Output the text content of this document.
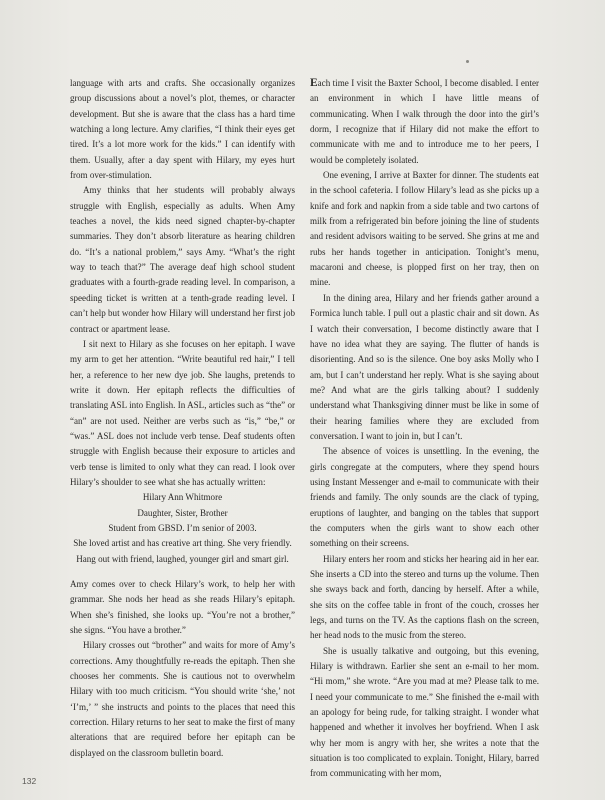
language with arts and crafts. She occasionally organizes group discussions about a novel’s plot, themes, or character development. But she is aware that the class has a hard time watching a long lecture. Amy clarifies, “I think their eyes get tired. It’s a lot more work for the kids.” I can identify with them. Usually, after a day spent with Hilary, my eyes hurt from over-stimulation.

Amy thinks that her students will probably always struggle with English, especially as adults. When Amy teaches a novel, the kids need signed chapter-by-chapter summaries. They don’t absorb literature as hearing children do. “It’s a national problem,” says Amy. “What’s the right way to teach that?” The average deaf high school student graduates with a fourth-grade reading level. In comparison, a speeding ticket is written at a tenth-grade reading level. I can’t help but wonder how Hilary will understand her first job contract or apartment lease.

I sit next to Hilary as she focuses on her epitaph. I wave my arm to get her attention. “Write beautiful red hair,” I tell her, a reference to her new dye job. She laughs, pretends to write it down. Her epitaph reflects the difficulties of translating ASL into English. In ASL, articles such as “the” or “an” are not used. Neither are verbs such as “is,” “be,” or “was.” ASL does not include verb tense. Deaf students often struggle with English because their exposure to articles and verb tense is limited to only what they can read. I look over Hilary’s shoulder to see what she has actually written:

Hilary Ann Whitmore
Daughter, Sister, Brother
Student from GBSD. I’m senior of 2003.
She loved artist and has creative art thing. She very friendly.
Hang out with friend, laughed, younger girl and smart girl.

Amy comes over to check Hilary’s work, to help her with grammar. She nods her head as she reads Hilary’s epitaph. When she’s finished, she looks up. “You’re not a brother,” she signs. “You have a brother.”

Hilary crosses out “brother” and waits for more of Amy’s corrections. Amy thoughtfully re-reads the epitaph. Then she chooses her comments. She is cautious not to overwhelm Hilary with too much criticism. “You should write ‘she,’ not ‘I’m,’ ” she instructs and points to the places that need this correction. Hilary returns to her seat to make the first of many alterations that are required before her epitaph can be displayed on the classroom bulletin board.

Each time I visit the Baxter School, I become disabled. I enter an environment in which I have little means of communicating. When I walk through the door into the girl’s dorm, I recognize that if Hilary did not make the effort to communicate with me and to introduce me to her peers, I would be completely isolated.

One evening, I arrive at Baxter for dinner. The students eat in the school cafeteria. I follow Hilary’s lead as she picks up a knife and fork and napkin from a side table and two cartons of milk from a refrigerated bin before joining the line of students and resident advisors waiting to be served. She grins at me and rubs her hands together in anticipation. Tonight’s menu, macaroni and cheese, is plopped first on her tray, then on mine.

In the dining area, Hilary and her friends gather around a Formica lunch table. I pull out a plastic chair and sit down. As I watch their conversation, I become distinctly aware that I have no idea what they are saying. The flutter of hands is disorienting. And so is the silence. One boy asks Molly who I am, but I can’t understand her reply. What is she saying about me? And what are the girls talking about? I suddenly understand what Thanksgiving dinner must be like in some of their hearing families where they are excluded from conversation. I want to join in, but I can’t.

The absence of voices is unsettling. In the evening, the girls congregate at the computers, where they spend hours using Instant Messenger and e-mail to communicate with their friends and family. The only sounds are the clack of typing, eruptions of laughter, and banging on the tables that support the computers when the girls want to show each other something on their screens.

Hilary enters her room and sticks her hearing aid in her ear. She inserts a CD into the stereo and turns up the volume. Then she sways back and forth, dancing by herself. After a while, she sits on the coffee table in front of the couch, crosses her legs, and turns on the TV. As the captions flash on the screen, her head nods to the music from the stereo.

She is usually talkative and outgoing, but this evening, Hilary is withdrawn. Earlier she sent an e-mail to her mom. “Hi mom,” she wrote. “Are you mad at me? Please talk to me. I need your communicate to me.” She finished the e-mail with an apology for being rude, for talking straight. I wonder what happened and whether it involves her boyfriend. When I ask why her mom is angry with her, she writes a note that the situation is too complicated to explain. Tonight, Hilary, barred from communicating with her mom,

132
